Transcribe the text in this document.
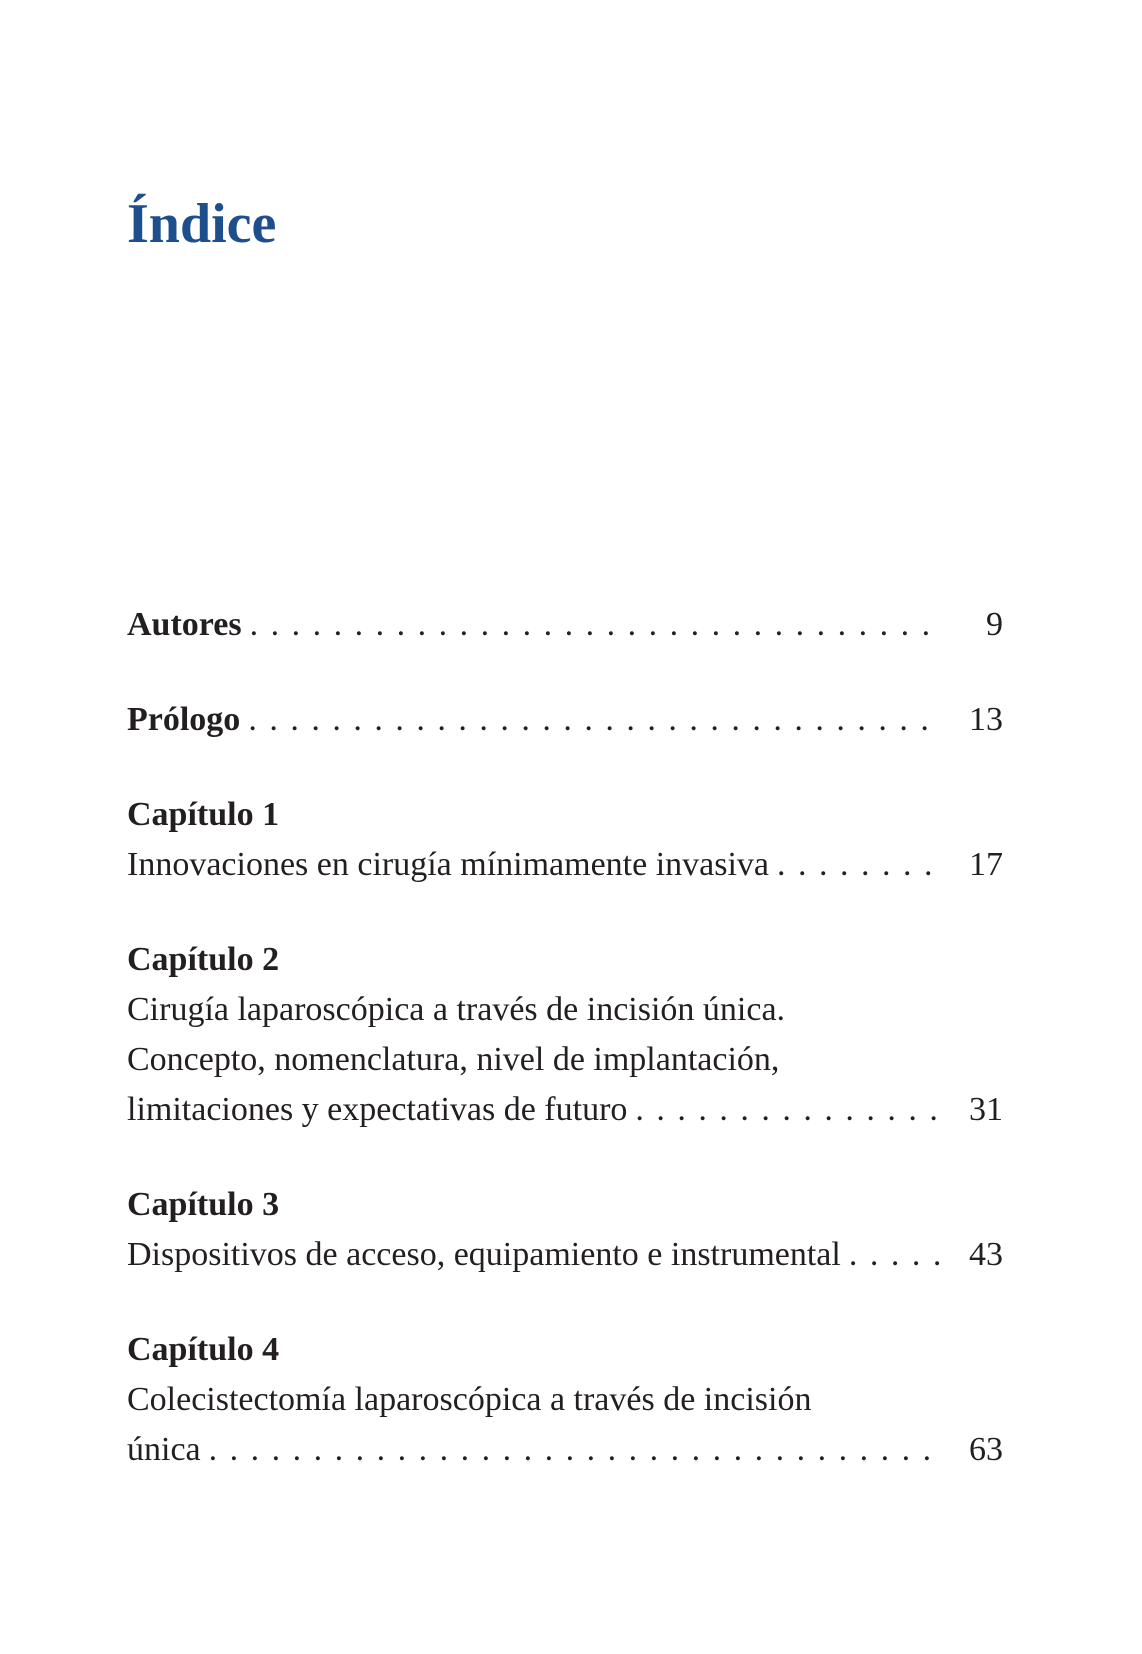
Índice
Autores . . .	9
Prólogo . . .	13
Capítulo 1
Innovaciones en cirugía mínimamente invasiva . . .	17
Capítulo 2
Cirugía laparoscópica a través de incisión única.
Concepto, nomenclatura, nivel de implantación,
limitaciones y expectativas de futuro . . .	31
Capítulo 3
Dispositivos de acceso, equipamiento e instrumental . . .	43
Capítulo 4
Colecistectomía laparoscópica a través de incisión
única . . .	63
